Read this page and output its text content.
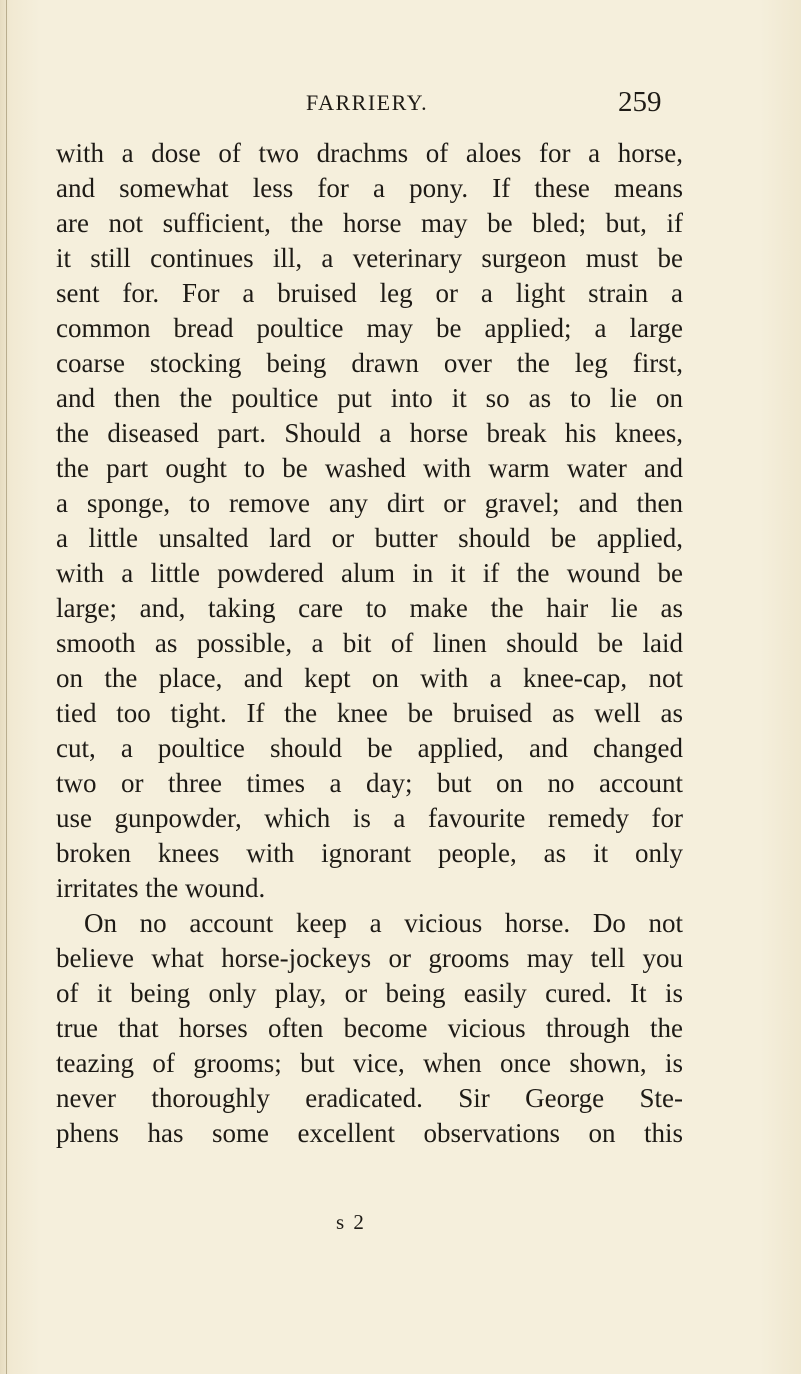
FARRIERY.	259
with a dose of two drachms of aloes for a horse,
and somewhat less for a pony. If these means
are not sufficient, the horse may be bled; but, if
it still continues ill, a veterinary surgeon must be
sent for. For a bruised leg or a light strain a
common bread poultice may be applied; a large
coarse stocking being drawn over the leg first,
and then the poultice put into it so as to lie on
the diseased part. Should a horse break his knees,
the part ought to be washed with warm water and
a sponge, to remove any dirt or gravel; and then
a little unsalted lard or butter should be applied,
with a little powdered alum in it if the wound be
large; and, taking care to make the hair lie as
smooth as possible, a bit of linen should be laid
on the place, and kept on with a knee-cap, not
tied too tight. If the knee be bruised as well as
cut, a poultice should be applied, and changed
two or three times a day; but on no account
use gunpowder, which is a favourite remedy for
broken knees with ignorant people, as it only
irritates the wound.
On no account keep a vicious horse. Do not
believe what horse-jockeys or grooms may tell you
of it being only play, or being easily cured. It is
true that horses often become vicious through the
teazing of grooms; but vice, when once shown, is
never thoroughly eradicated. Sir George Ste-
phens has some excellent observations on this
s 2
